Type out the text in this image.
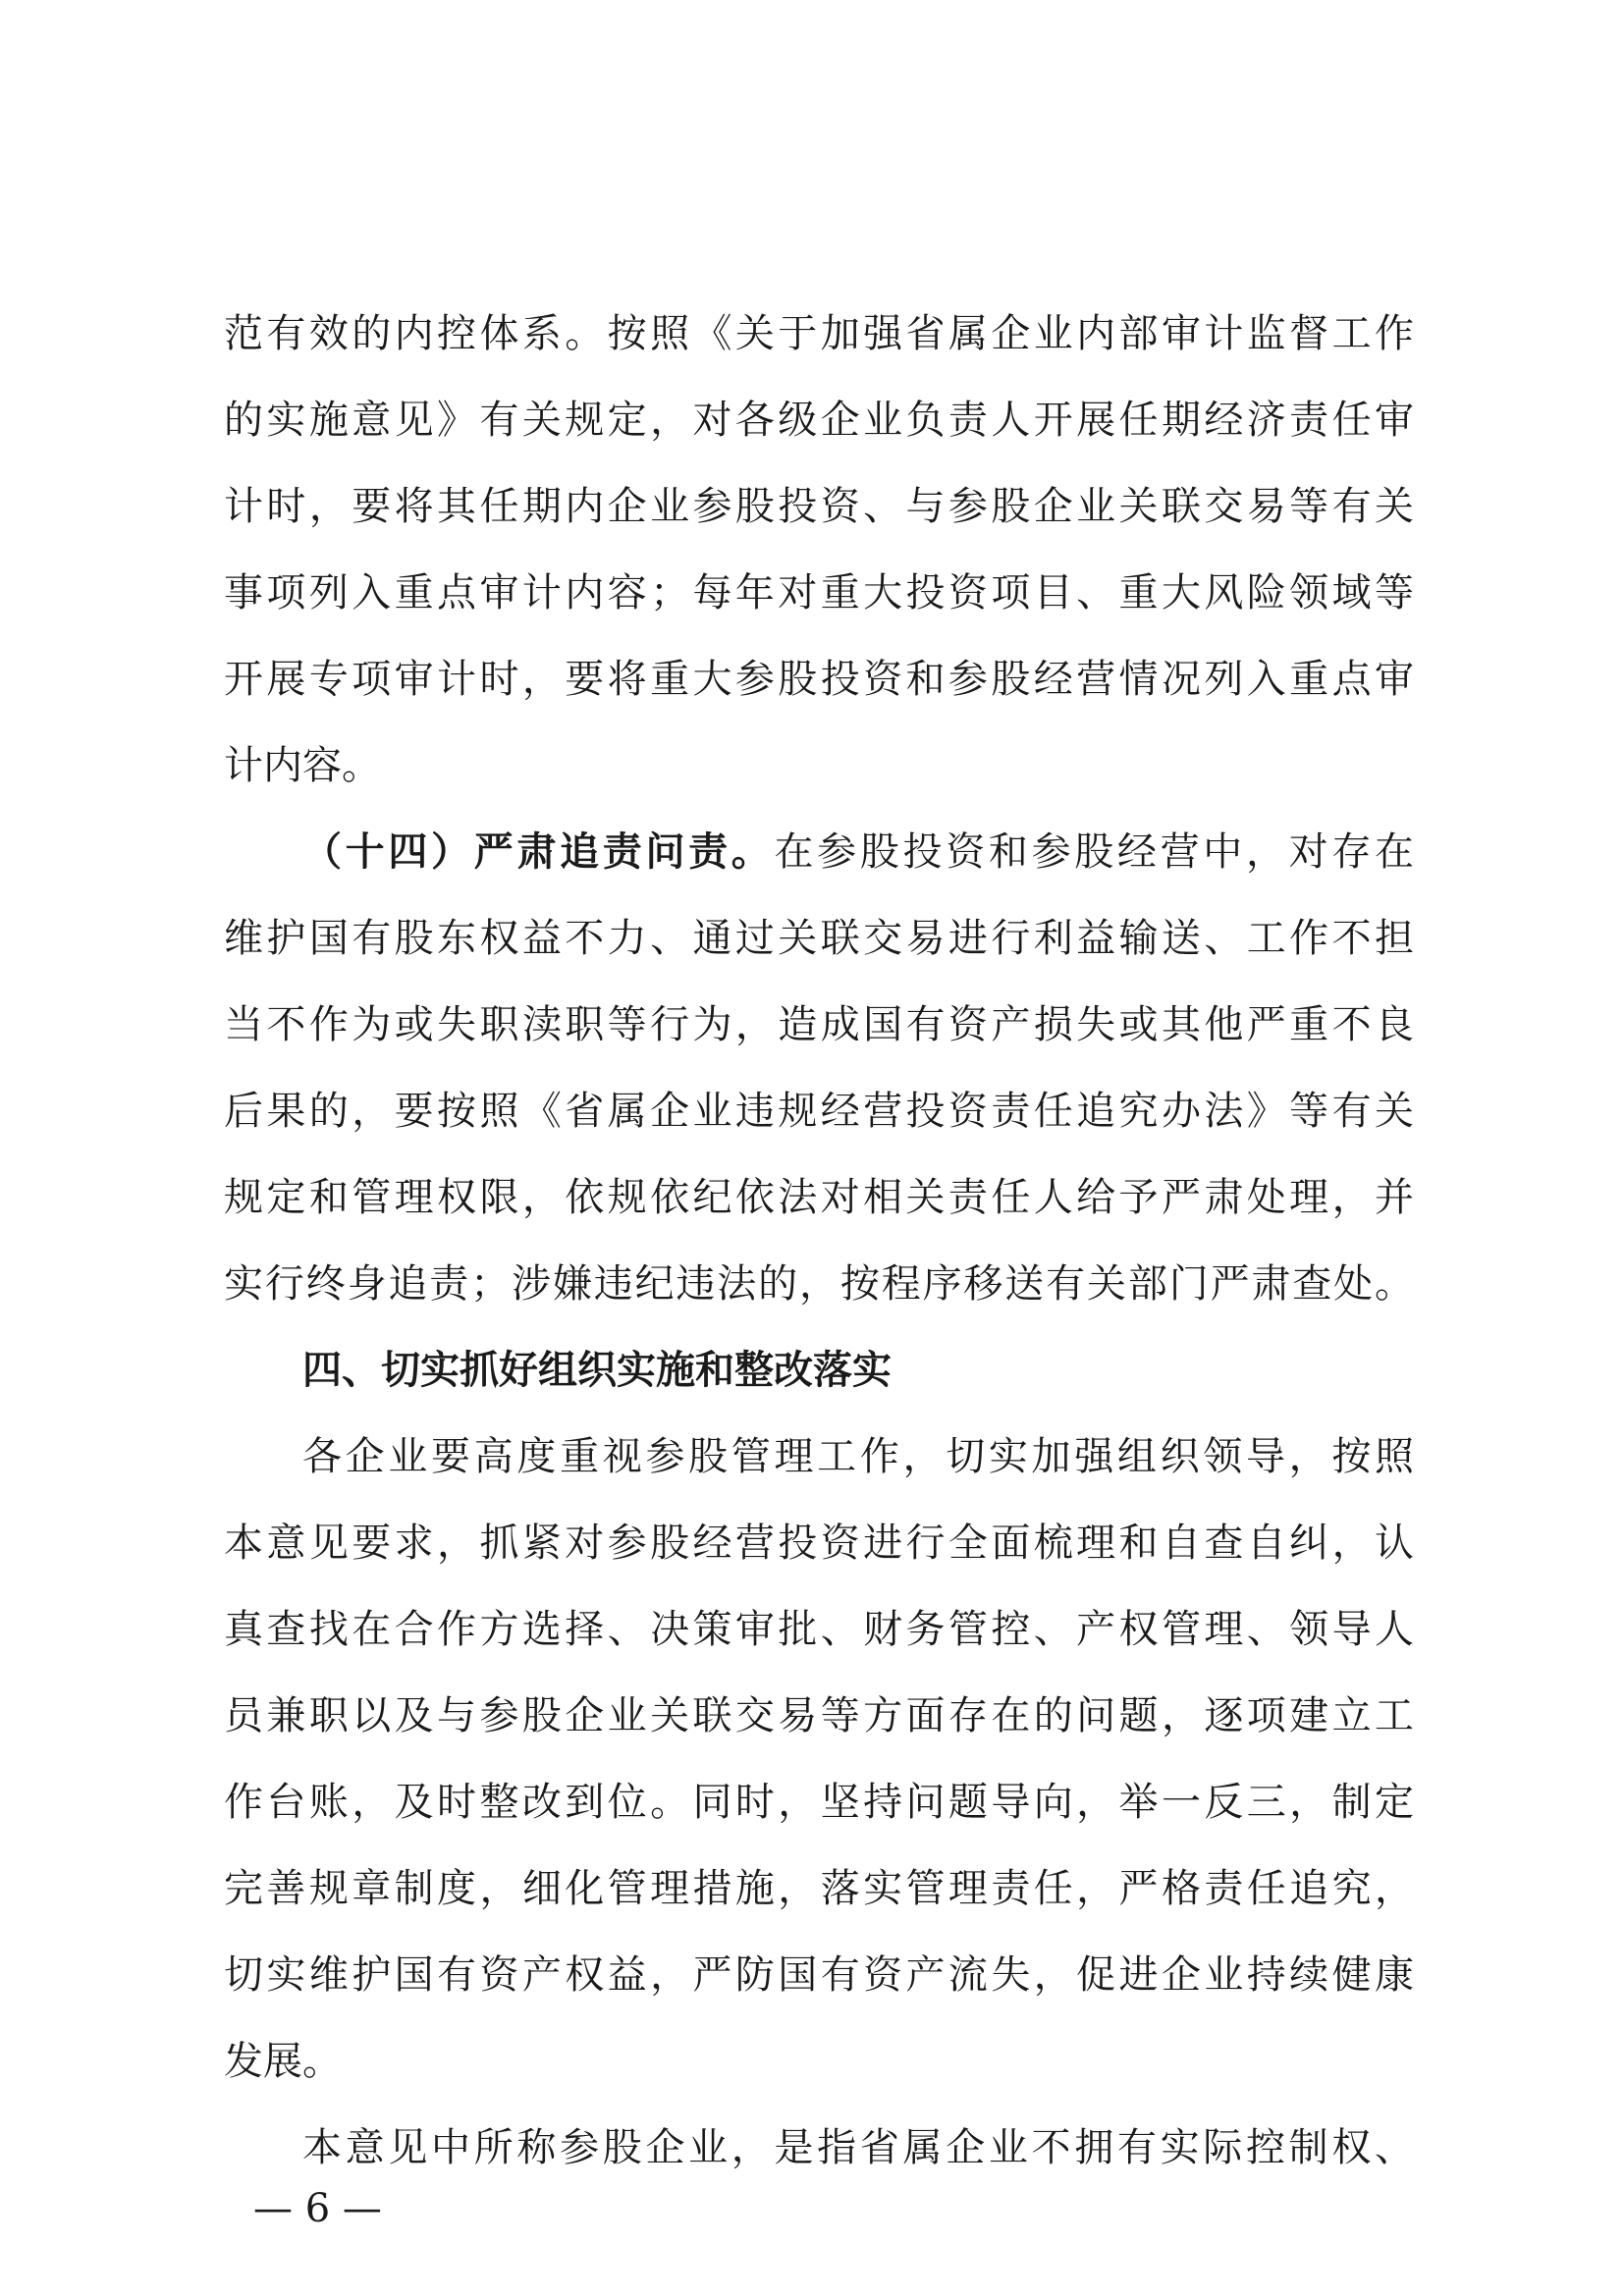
范有效的内控体系。按照《关于加强省属企业内部审计监督工作
的实施意见》有关规定，对各级企业负责人开展任期经济责任审
计时，要将其任期内企业参股投资、与参股企业关联交易等有关
事项列入重点审计内容；每年对重大投资项目、重大风险领域等
开展专项审计时，要将重大参股投资和参股经营情况列入重点审
计内容。
（十四）严肃追责问责。在参股投资和参股经营中，对存在
维护国有股东权益不力、通过关联交易进行利益输送、工作不担
当不作为或失职渎职等行为，造成国有资产损失或其他严重不良
后果的，要按照《省属企业违规经营投资责任追究办法》等有关
规定和管理权限，依规依纪依法对相关责任人给予严肃处理，并
实行终身追责；涉嫌违纪违法的，按程序移送有关部门严肃查处。
四、切实抓好组织实施和整改落实
各企业要高度重视参股管理工作，切实加强组织领导，按照
本意见要求，抓紧对参股经营投资进行全面梳理和自查自纠，认
真查找在合作方选择、决策审批、财务管控、产权管理、领导人
员兼职以及与参股企业关联交易等方面存在的问题，逐项建立工
作台账，及时整改到位。同时，坚持问题导向，举一反三，制定
完善规章制度，细化管理措施，落实管理责任，严格责任追究，
切实维护国有资产权益，严防国有资产流失，促进企业持续健康
发展。
本意见中所称参股企业，是指省属企业不拥有实际控制权、
— 6 —
